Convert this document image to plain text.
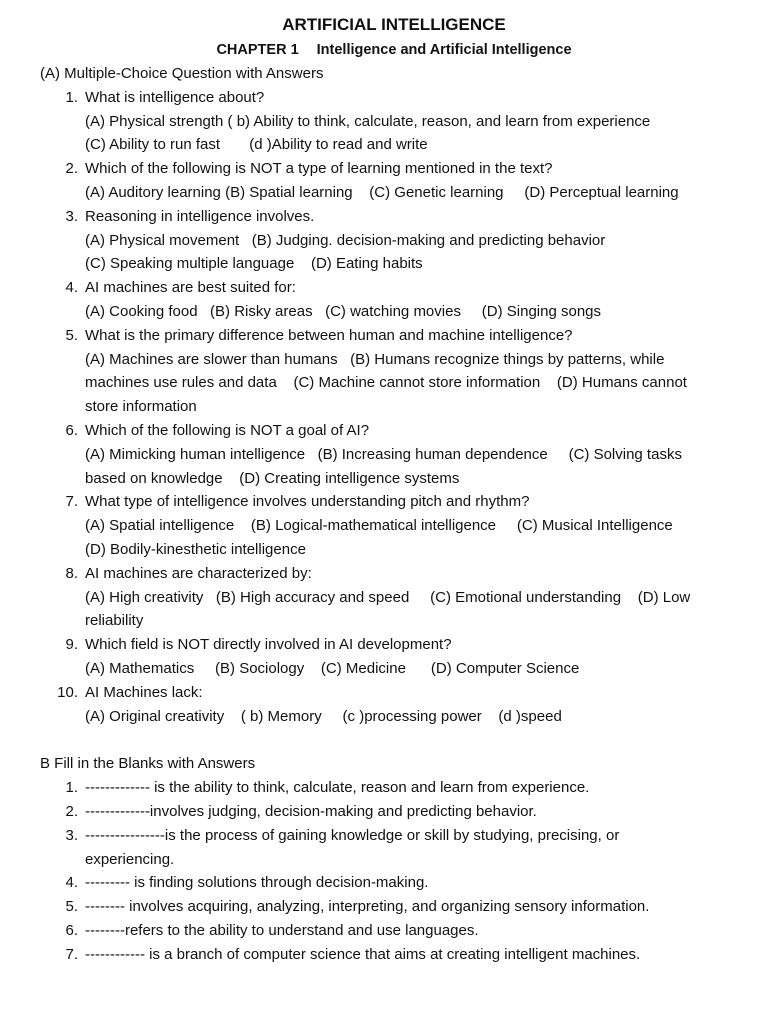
ARTIFICIAL INTELLIGENCE
CHAPTER 1 Intelligence and Artificial Intelligence
(A) Multiple-Choice Question with Answers
1. What is intelligence about?
(A) Physical strength ( b) Ability to think, calculate, reason, and learn from experience
(C) Ability to run fast       (d )Ability to read and write
2. Which of the following is NOT a type of learning mentioned in the text?
(A) Auditory learning (B) Spatial learning    (C) Genetic learning     (D) Perceptual learning
3. Reasoning in intelligence involves.
(A) Physical movement   (B) Judging. decision-making and predicting behavior
(C) Speaking multiple language    (D) Eating habits
4. AI machines are best suited for:
(A) Cooking food   (B) Risky areas   (C) watching movies     (D) Singing songs
5. What is the primary difference between human and machine intelligence?
(A) Machines are slower than humans   (B) Humans recognize things by patterns, while
machines use rules and data    (C) Machine cannot store information    (D) Humans cannot
store information
6. Which of the following is NOT a goal of AI?
(A) Mimicking human intelligence   (B) Increasing human dependence     (C) Solving tasks
based on knowledge    (D) Creating intelligence systems
7. What type of intelligence involves understanding pitch and rhythm?
(A) Spatial intelligence    (B) Logical-mathematical intelligence     (C) Musical Intelligence
(D) Bodily-kinesthetic intelligence
8. AI machines are characterized by:
(A) High creativity   (B) High accuracy and speed     (C) Emotional understanding    (D) Low
reliability
9. Which field is NOT directly involved in AI development?
(A) Mathematics     (B) Sociology    (C) Medicine      (D) Computer Science
10. AI Machines lack:
(A) Original creativity    ( b) Memory     (c )processing power    (d )speed
B Fill in the Blanks with Answers
1. ------------- is the ability to think, calculate, reason and learn from experience.
2. -------------involves judging, decision-making and predicting behavior.
3. ----------------is the process of gaining knowledge or skill by studying, precising, or
experiencing.
4. --------- is finding solutions through decision-making.
5. -------- involves acquiring, analyzing, interpreting, and organizing sensory information.
6. --------refers to the ability to understand and use languages.
7. ------------ is a branch of computer science that aims at creating intelligent machines.
